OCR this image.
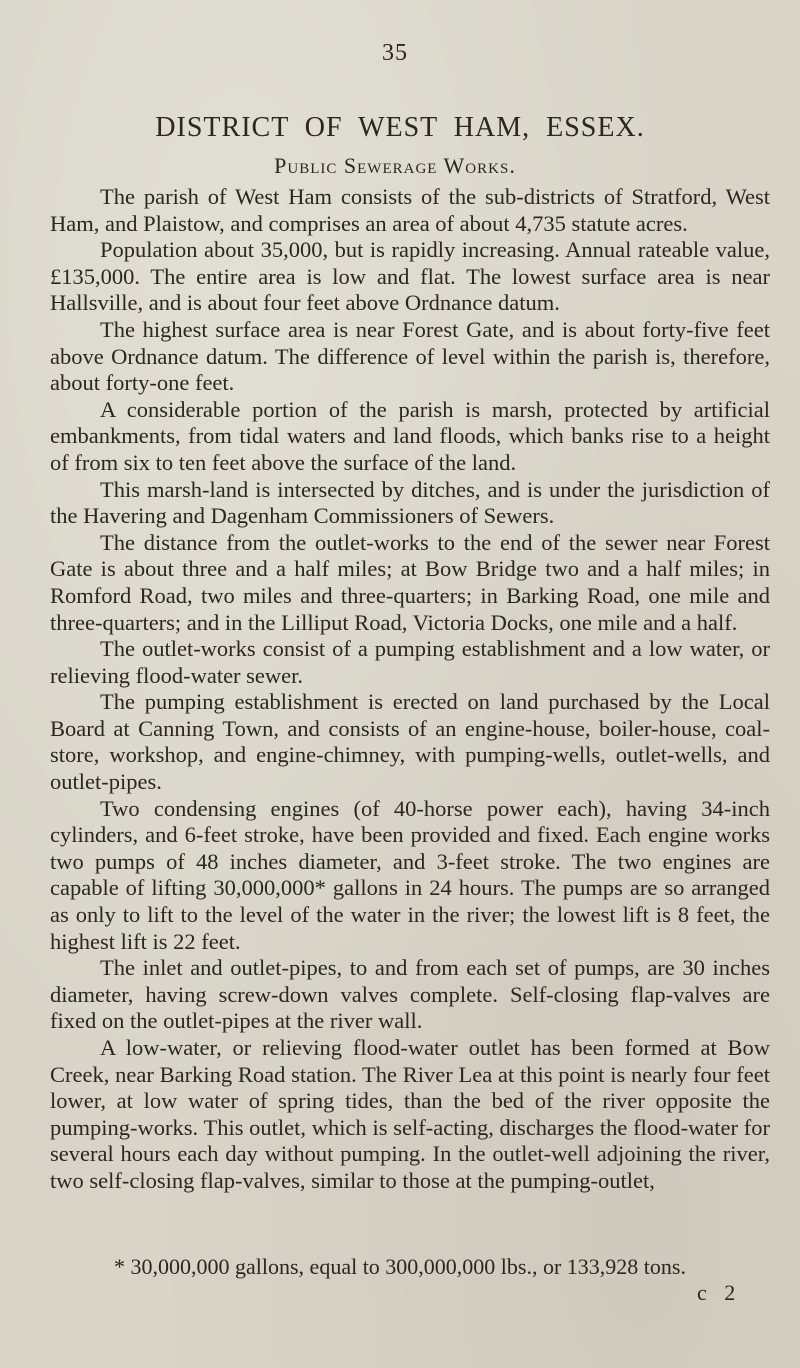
35
DISTRICT OF WEST HAM, ESSEX.
Public Sewerage Works.

The parish of West Ham consists of the sub-districts of Stratford, West Ham, and Plaistow, and comprises an area of about 4,735 statute acres.

Population about 35,000, but is rapidly increasing. Annual rateable value, £135,000. The entire area is low and flat. The lowest surface area is near Hallsville, and is about four feet above Ordnance datum.

The highest surface area is near Forest Gate, and is about forty-five feet above Ordnance datum. The difference of level within the parish is, therefore, about forty-one feet.

A considerable portion of the parish is marsh, protected by artificial embankments, from tidal waters and land floods, which banks rise to a height of from six to ten feet above the surface of the land.

This marsh-land is intersected by ditches, and is under the jurisdiction of the Havering and Dagenham Commissioners of Sewers.

The distance from the outlet-works to the end of the sewer near Forest Gate is about three and a half miles; at Bow Bridge two and a half miles; in Romford Road, two miles and three-quarters; in Barking Road, one mile and three-quarters; and in the Lilliput Road, Victoria Docks, one mile and a half.

The outlet-works consist of a pumping establishment and a low water, or relieving flood-water sewer.

The pumping establishment is erected on land purchased by the Local Board at Canning Town, and consists of an engine-house, boiler-house, coal-store, workshop, and engine-chimney, with pumping-wells, outlet-wells, and outlet-pipes.

Two condensing engines (of 40-horse power each), having 34-inch cylinders, and 6-feet stroke, have been provided and fixed. Each engine works two pumps of 48 inches diameter, and 3-feet stroke. The two engines are capable of lifting 30,000,000* gallons in 24 hours. The pumps are so arranged as only to lift to the level of the water in the river; the lowest lift is 8 feet, the highest lift is 22 feet.

The inlet and outlet-pipes, to and from each set of pumps, are 30 inches diameter, having screw-down valves complete. Self-closing flap-valves are fixed on the outlet-pipes at the river wall.

A low-water, or relieving flood-water outlet has been formed at Bow Creek, near Barking Road station. The River Lea at this point is nearly four feet lower, at low water of spring tides, than the bed of the river opposite the pumping-works. This outlet, which is self-acting, discharges the flood-water for several hours each day without pumping. In the outlet-well adjoining the river, two self-closing flap-valves, similar to those at the pumping-outlet,

* 30,000,000 gallons, equal to 300,000,000 lbs., or 133,928 tons.
c 2
